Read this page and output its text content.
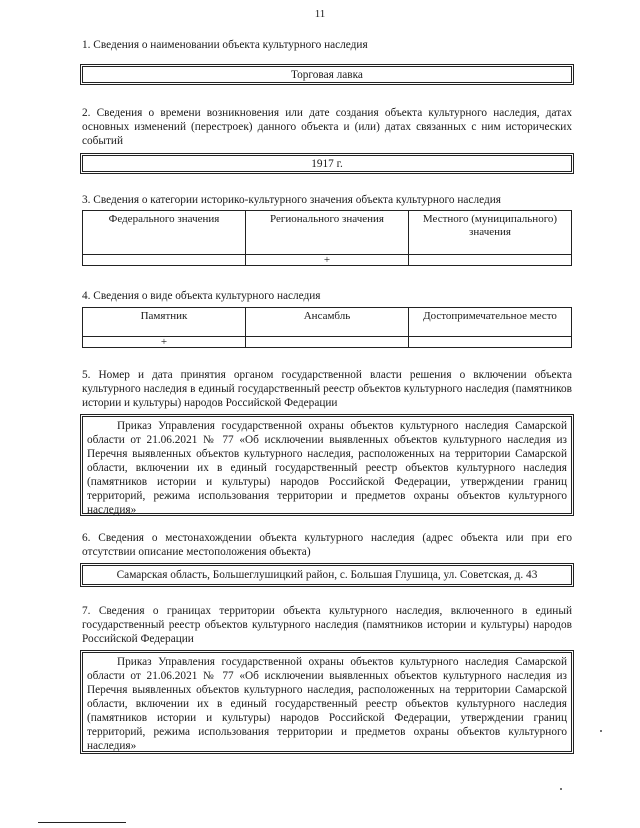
11
1. Сведения о наименовании объекта культурного наследия
Торговая лавка
2. Сведения о времени возникновения или дате создания объекта культурного наследия, датах основных изменений (перестроек) данного объекта и (или) датах связанных с ним исторических событий
1917 г.
3. Сведения о категории историко-культурного значения объекта культурного наследия
Федерального значения	Регионального значения	Местного (муниципального) значения
	+	
4. Сведения о виде объекта культурного наследия
Памятник	Ансамбль	Достопримечательное место
+		
5. Номер и дата принятия органом государственной власти решения о включении объекта культурного наследия в единый государственный реестр объектов культурного наследия (памятников истории и культуры) народов Российской Федерации
Приказ Управления государственной охраны объектов культурного наследия Самарской области от 21.06.2021 № 77 «Об исключении выявленных объектов культурного наследия из Перечня выявленных объектов культурного наследия, расположенных на территории Самарской области, включении их в единый государственный реестр объектов культурного наследия (памятников истории и культуры) народов Российской Федерации, утверждении границ территорий, режима использования территории и предметов охраны объектов культурного наследия»
6. Сведения о местонахождении объекта культурного наследия (адрес объекта или при его отсутствии описание местоположения объекта)
Самарская область, Большеглушицкий район, с. Большая Глушица, ул. Советская, д. 43
7. Сведения о границах территории объекта культурного наследия, включенного в единый государственный реестр объектов культурного наследия (памятников истории и культуры) народов Российской Федерации
Приказ Управления государственной охраны объектов культурного наследия Самарской области от 21.06.2021 № 77 «Об исключении выявленных объектов культурного наследия из Перечня выявленных объектов культурного наследия, расположенных на территории Самарской области, включении их в единый государственный реестр объектов культурного наследия (памятников истории и культуры) народов Российской Федерации, утверждении границ территорий, режима использования территории и предметов охраны объектов культурного наследия»
